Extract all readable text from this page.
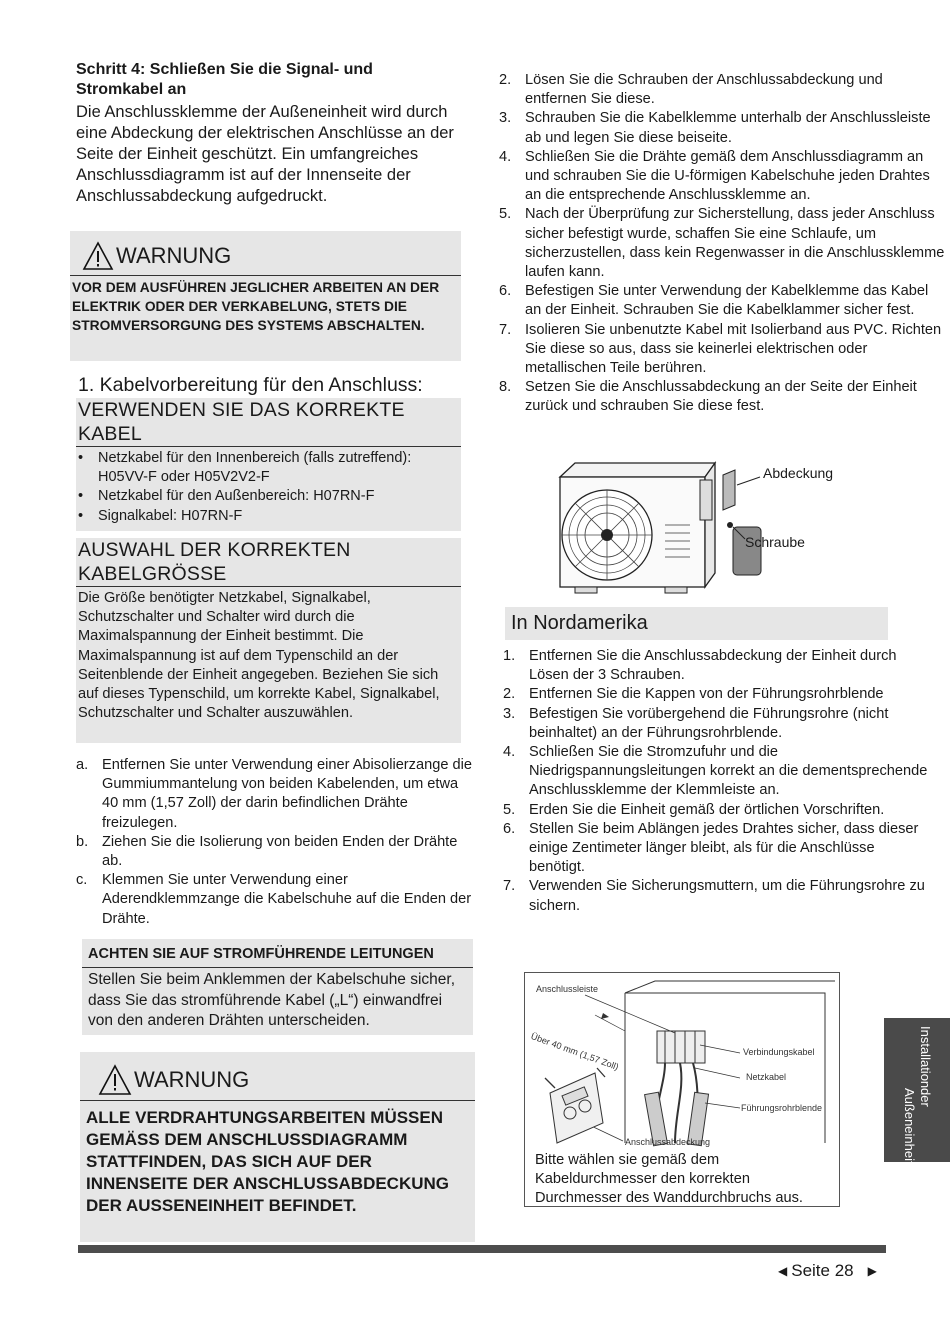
Schritt 4: Schließen Sie die Signal- und Stromkabel an
Die Anschlussklemme der Außeneinheit wird durch eine Abdeckung der elektrischen Anschlüsse an der Seite der Einheit geschützt. Ein umfangreiches Anschlussdiagramm ist auf der Innenseite der Anschlussabdeckung aufgedruckt.
WARNUNG
VOR DEM AUSFÜHREN JEGLICHER ARBEITEN AN DER ELEKTRIK ODER DER VERKABELUNG, STETS DIE STROMVERSORGUNG DES SYSTEMS ABSCHALTEN.
1. Kabelvorbereitung für den Anschluss:
VERWENDEN SIE DAS KORREKTE KABEL
•	Netzkabel für den Innenbereich (falls zutreffend): H05VV-F oder H05V2V2-F
•	Netzkabel für den Außenbereich: H07RN-F
•	Signalkabel: H07RN-F
AUSWAHL DER KORREKTEN KABELGRÖSSE
Die Größe benötigter Netzkabel, Signalkabel, Schutzschalter und Schalter wird durch die Maximalspannung der Einheit bestimmt. Die Maximalspannung ist auf dem Typenschild an der Seitenblende der Einheit angegeben. Beziehen Sie sich auf dieses Typenschild, um korrekte Kabel, Signalkabel, Schutzschalter und Schalter auszuwählen.
a. Entfernen Sie unter Verwendung einer Abisolierzange die Gummiummantelung von beiden Kabelenden, um etwa 40 mm (1,57 Zoll) der darin befindlichen Drähte freizulegen.
b. Ziehen Sie die Isolierung von beiden Enden der Drähte ab.
c.	Klemmen Sie unter Verwendung einer Aderendklemmzange die Kabelschuhe auf die Enden der Drähte.
ACHTEN SIE AUF STROMFÜHRENDE LEITUNGEN
Stellen Sie beim Anklemmen der Kabelschuhe sicher, dass Sie das stromführende Kabel („L“) einwandfrei von den anderen Drähten unterscheiden.
WARNUNG
ALLE VERDRAHTUNGSARBEITEN MÜSSEN GEMÄSS DEM ANSCHLUSSDIAGRAMM STATTFINDEN, DAS SICH AUF DER INNENSEITE DER ANSCHLUSSABDECKUNG DER AUSSENEINHEIT BEFINDET.
2. Lösen Sie die Schrauben der Anschlussabdeckung und entfernen Sie diese.
3. Schrauben Sie die Kabelklemme unterhalb der Anschlussleiste ab und legen Sie diese beiseite.
4. Schließen Sie die Drähte gemäß dem Anschlussdiagramm an und schrauben Sie die U-förmigen Kabelschuhe jeden Drahtes an die entsprechende Anschlussklemme an.
5. Nach der Überprüfung zur Sicherstellung, dass jeder Anschluss sicher befestigt wurde, schaffen Sie eine Schlaufe, um sicherzustellen, dass kein Regenwasser in die Anschlussklemme laufen kann.
6. Befestigen Sie unter Verwendung der Kabelklemme das Kabel an der Einheit. Schrauben Sie die Kabelklammer sicher fest.
7. Isolieren Sie unbenutzte Kabel mit Isolierband aus PVC. Richten Sie diese so aus, dass sie keinerlei elektrischen oder metallischen Teile berühren.
8. Setzen Sie die Anschlussabdeckung an der Seite der Einheit zurück und schrauben Sie diese fest.
Abdeckung
Schraube
In Nordamerika
1. Entfernen Sie die Anschlussabdeckung der Einheit durch Lösen der 3 Schrauben.
2. Entfernen Sie die Kappen von der Führungsrohrblende
3. Befestigen Sie vorübergehend die Führungsrohre (nicht beinhaltet) an der Führungsrohrblende.
4. Schließen Sie die Stromzufuhr und die Niedrigspannungsleitungen korrekt an die dementsprechende Anschlussklemme der Klemmleiste an.
5. Erden Sie die Einheit gemäß der örtlichen Vorschriften.
6. Stellen Sie beim Ablängen jedes Drahtes sicher, dass dieser einige Zentimeter länger bleibt, als für die Anschlüsse benötigt.
7. Verwenden Sie Sicherungsmuttern, um die Führungsrohre zu sichern.
Anschlussleiste
Über 40 mm (1,57 Zoll)	Verbindungskabel
Netzkabel
Führungsrohrblende
Anschlussabdeckung
Bitte wählen sie gemäß dem Kabeldurchmesser den korrekten Durchmesser des Wanddurchbruchs aus.
Installation
der Außeneinheit
◀ Seite 28 ▶
